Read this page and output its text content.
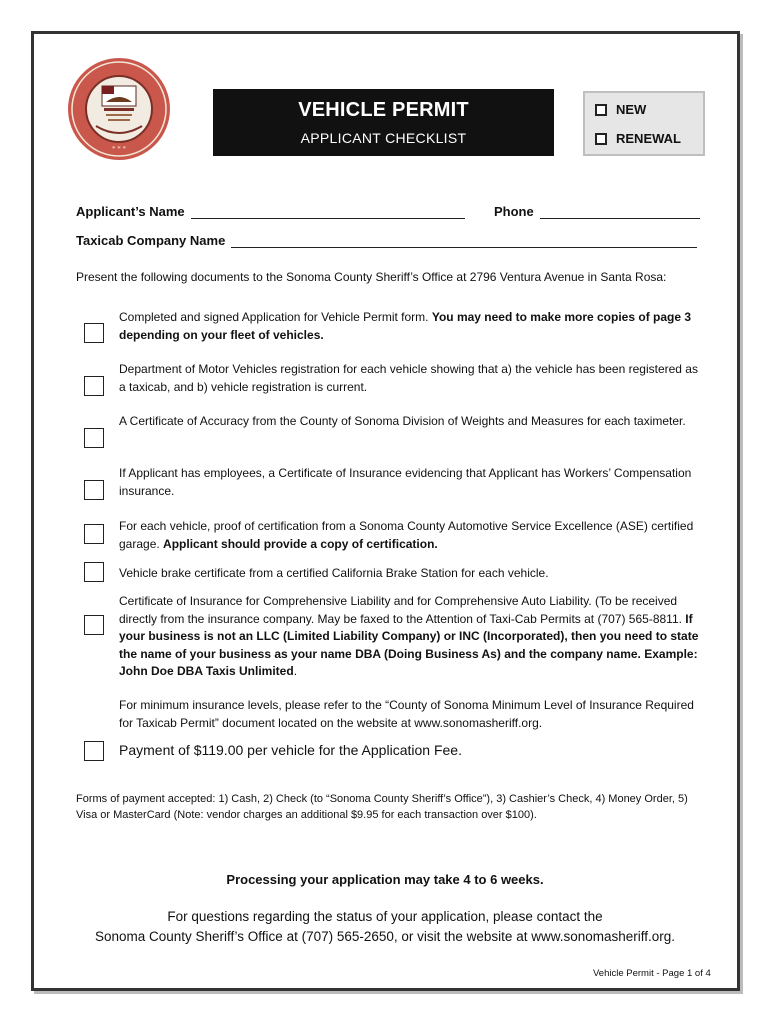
* * *
VEHICLE PERMIT
APPLICANT CHECKLIST
NEW
RENEWAL
Applicant’s Name	Phone
Taxicab Company Name
Present the following documents to the Sonoma County Sheriff’s Office at 2796 Ventura Avenue in Santa Rosa:
Completed and signed Application for Vehicle Permit form. You may need to make more copies of page 3 depending on your fleet of vehicles.
Department of Motor Vehicles registration for each vehicle showing that a) the vehicle has been registered as a taxicab, and b) vehicle registration is current.
A Certificate of Accuracy from the County of Sonoma Division of Weights and Measures for each taximeter.
If Applicant has employees, a Certificate of Insurance evidencing that Applicant has Workers’ Compensation insurance.
For each vehicle, proof of certification from a Sonoma County Automotive Service Excellence (ASE) certified garage. Applicant should provide a copy of certification.
Vehicle brake certificate from a certified California Brake Station for each vehicle.
Certificate of Insurance for Comprehensive Liability and for Comprehensive Auto Liability. (To be received directly from the insurance company. May be faxed to the Attention of Taxi-Cab Permits at (707) 565-8811. If your business is not an LLC (Limited Liability Company) or INC (Incorporated), then you need to state the name of your business as your name DBA (Doing Business As) and the company name. Example: John Doe DBA Taxis Unlimited.
For minimum insurance levels, please refer to the “County of Sonoma Minimum Level of Insurance Required for Taxicab Permit” document located on the website at www.sonomasheriff.org.
Payment of $119.00 per vehicle for the Application Fee.
Forms of payment accepted: 1) Cash, 2) Check (to “Sonoma County Sheriff’s Office”), 3) Cashier’s Check, 4) Money Order, 5) Visa or MasterCard (Note: vendor charges an additional $9.95 for each transaction over $100).
Processing your application may take 4 to 6 weeks.
For questions regarding the status of your application, please contact the
Sonoma County Sheriff’s Office at (707) 565-2650, or visit the website at www.sonomasheriff.org.
Vehicle Permit - Page 1 of 4
